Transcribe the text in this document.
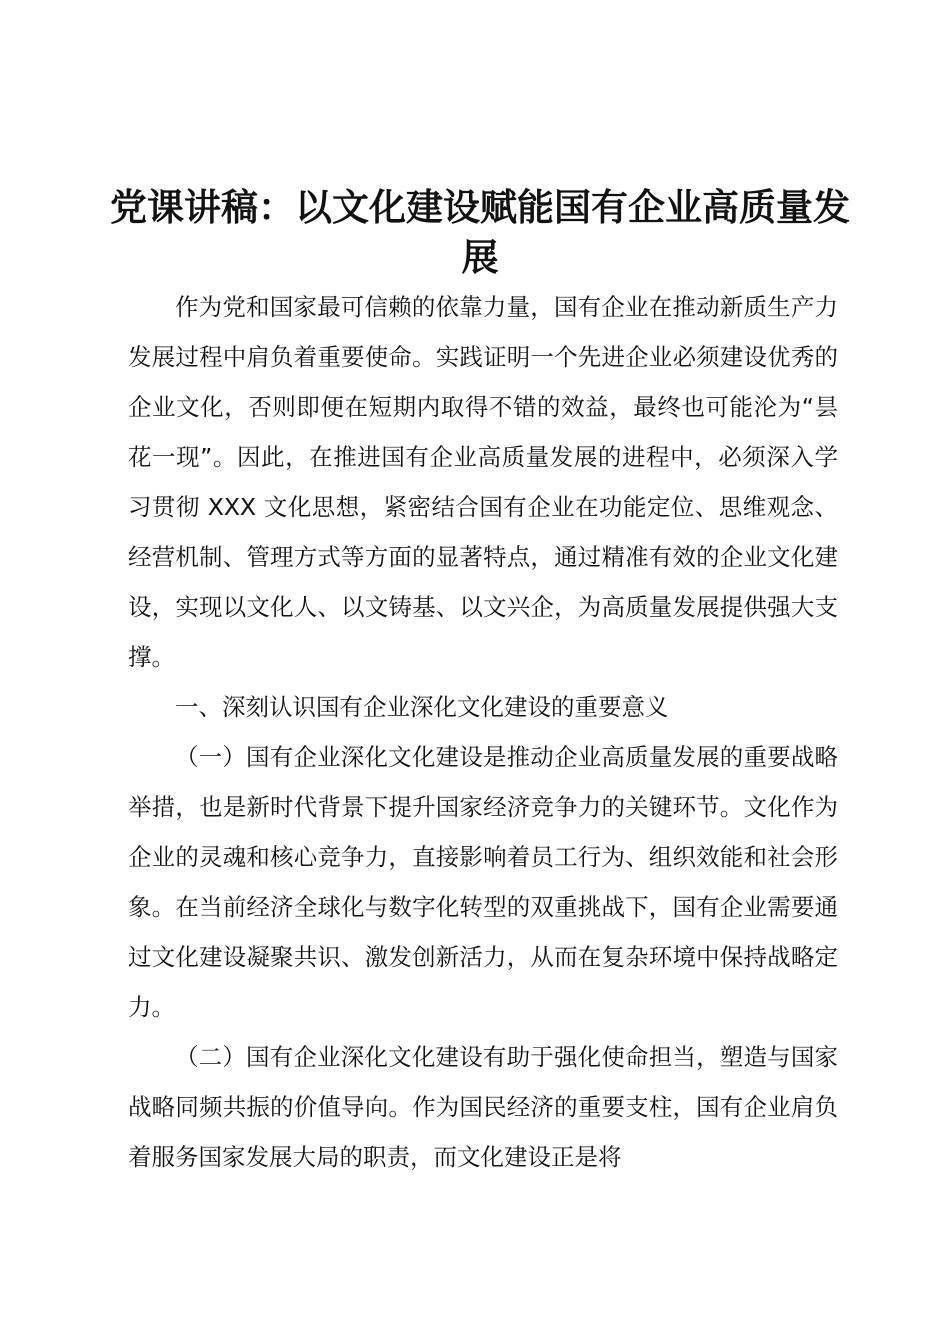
党课讲稿：以文化建设赋能国有企业高质量发展

作为党和国家最可信赖的依靠力量，国有企业在推动新质生产力发展过程中肩负着重要使命。实践证明一个先进企业必须建设优秀的企业文化，否则即便在短期内取得不错的效益，最终也可能沦为“昙花一现”。因此，在推进国有企业高质量发展的进程中，必须深入学习贯彻 XXX 文化思想，紧密结合国有企业在功能定位、思维观念、经营机制、管理方式等方面的显著特点，通过精准有效的企业文化建设，实现以文化人、以文铸基、以文兴企，为高质量发展提供强大支撑。

一、深刻认识国有企业深化文化建设的重要意义

（一）国有企业深化文化建设是推动企业高质量发展的重要战略举措，也是新时代背景下提升国家经济竞争力的关键环节。文化作为企业的灵魂和核心竞争力，直接影响着员工行为、组织效能和社会形象。在当前经济全球化与数字化转型的双重挑战下，国有企业需要通过文化建设凝聚共识、激发创新活力，从而在复杂环境中保持战略定力。

（二）国有企业深化文化建设有助于强化使命担当，塑造与国家战略同频共振的价值导向。作为国民经济的重要支柱，国有企业肩负着服务国家发展大局的职责，而文化建设正是将
